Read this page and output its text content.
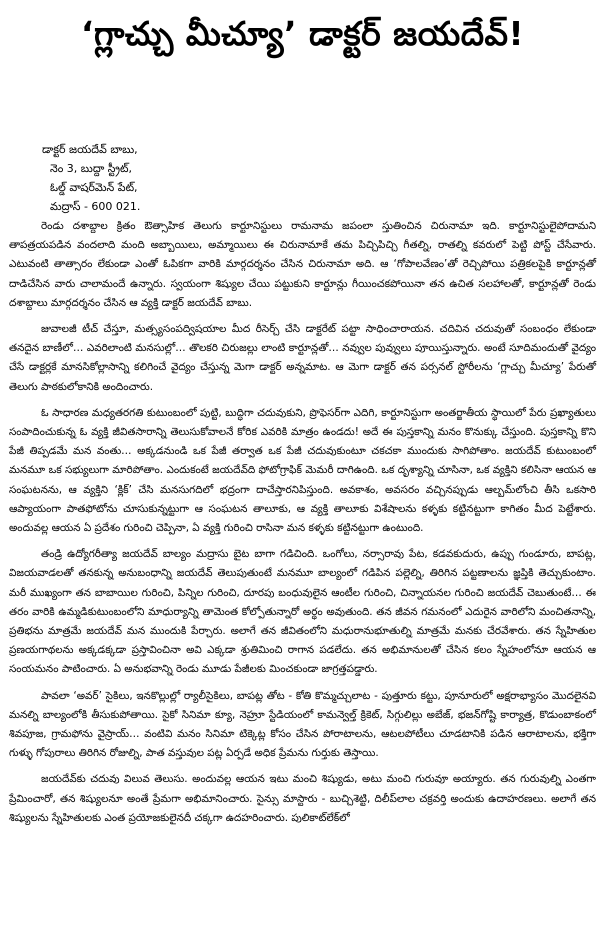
‘గ్లాచ్చు మీచ్యూ’ డాక్టర్ జయదేవ్!
డాక్టర్ జయదేవ్ బాబు,
నెం 3, బుద్దా స్ట్రీట్,
ఓల్డ్ వాషర్‌మెన్ పేట్,
మద్రాస్ - 600 021.

రెండు దశాబ్దాల క్రితం ఔత్సాహిక తెలుగు కార్టూనిస్టులు రామనామ జపంలా స్తుతించిన చిరునామా ఇది. కార్టూనిస్టులైపోదామని తాపత్రయపడిన వందలాది మంది అబ్బాయిలు, అమ్మాయిలు ఈ చిరునామాకే తమ పిచ్చిపిచ్చి గీతల్ని, రాతల్ని కవరులో పెట్టి పోస్ట్ చేసేవారు. ఎటువంటి తాత్సారం లేకుండా ఎంతో ఓపికగా వారికి మార్గదర్శనం చేసిన చిరునామా అది. ఆ ‘గోపాలవేణం’తో రెచ్చిపోయి పత్రికలపైకి కార్టూన్లతో దాడిచేసిన వారు చాలామందే ఉన్నారు. స్వయంగా శిష్యుల చేయి పట్టుకుని కార్టూన్లు గీయించకపోయినా తన ఉచిత సలహాలతో, కార్టూన్లతో రెండు దశాబ్దాలు మార్గదర్శనం చేసిన ఆ వ్యక్తి డాక్టర్ జయదేవ్ బాబు.

జువాలజీ టీచ్ చేస్తూ, మత్స్యసంపద్విషయాల మీద రీసెర్చ్ చేసి డాక్టరేట్ పట్టా సాధించారాయన. చదివిన చదువుతో సంబంధం లేకుండా తనదైన బాణీలో… ఎవరిలాంటి మనసుల్లో… తొలకరి చిరుజల్లు లాంటి కార్టూన్లతో… నవ్వుల పువ్వులు పూయిస్తున్నారు. అంటే సూదిమందుతో వైద్యం చేసే డాక్టర్లకే మానసికోల్లాసాన్ని కలిగించే వైద్యం చేస్తున్న మెగా డాక్టర్ అన్నమాట. ఆ మెగా డాక్టర్ తన పర్సనల్ స్టోరీలను ‘గ్లాచ్చు మీచ్యూ’ పేరుతో తెలుగు పాఠకులోకానికి అందించారు.

ఓ సాధారణ మధ్యతరగతి కుటుంబంలో పుట్టి, బుద్ధిగా చదువుకుని, ప్రొఫెసర్‌గా ఎదిగి, కార్టూనిస్టుగా అంతర్జాతీయ స్థాయిలో పేరు ప్రఖ్యాతులు సంపాదించుకున్న ఓ వ్యక్తి జీవితసారాన్ని తెలుసుకోవాలనే కోరిక ఎవరికి మాత్రం ఉండదు! అదే ఈ పుస్తకాన్ని మనం కొనుక్కు చేస్తుంది. పుస్తకాన్ని కొని పేజీ తిప్పడమే మన వంతు… అక్కడనుండి ఒక పేజీ తర్వాత ఒక పేజీ చదువుకుంటూ చకచకా ముందుకు సాగిపోతాం. జయదేవ్ కుటుంబంలో మనమూ ఒక సభ్యులుగా మారిపోతాం. ఎందుకంటే జయదేవ్‌ది ఫోటోగ్రాఫిక్ మెమరీ దాగిఉంది. ఒక దృశ్యాన్ని చూసినా, ఒక వ్యక్తిని కలిసినా ఆయన ఆ సంఘటనను, ఆ వ్యక్తిని ‘క్లిక్’ చేసి మనసుగదిలో భద్రంగా దాచేస్తారనిపిస్తుంది. అవకాశం, అవసరం వచ్చినప్పుడు ఆల్బమ్‌లోంచి తీసి ఒకసారి ఆప్యాయంగా పాతఫోటోను చూసుకున్నట్టుగా ఆ సంఘటన తాలూకు, ఆ వ్యక్తి తాలూకు విశేషాలను కళ్ళకు కట్టినట్టుగా కాగితం మీద పెట్టేశారు. అందువల్ల ఆయన ఏ ప్రదేశం గురించి చెప్పినా, ఏ వ్యక్తి గురించి రాసినా మన కళ్ళకు కట్టినట్టుగా ఉంటుంది.

తండ్రి ఉద్యోగరీత్యా జయదేవ్ బాల్యం మద్రాసు బైట బాగా గడిచింది. ఒంగోలు, నర్సారావు పేట, కడవకుదురు, ఉప్పు గుండూరు, బాపట్ల, విజయవాడలతో తనకున్న అనుబంధాన్ని జయదేవ్ తెలుపుతుంటే మనమూ బాల్యంలో గడిపిన పల్లెల్ని, తిరిగిన పట్టణాలను జ్ఞప్తికి తెచ్చుకుంటాం. మరీ ముఖ్యంగా తన బాబాయిల గురించి, పిన్నిల గురించి, దూరపు బంధువులైన ఆంటీల గురించి, చిన్నాయనల గురించి జయదేవ్ చెబుతుంటే… ఈ తరం వారికి ఉమ్మడికుటుంబంలోని మాధుర్యాన్ని తామెంత కోల్పోతున్నారో అర్థం అవుతుంది. తన జీవన గమనంలో ఎదురైన వారిలోని మంచితనాన్ని, ప్రతిభను మాత్రమే జయదేవ్ మన ముందుకి పేర్చారు. అలాగే తన జీవితంలోని మధురానుభూతుల్ని మాత్రమే మనకు చేరవేశారు. తన స్నేహితుల ప్రణయగాథలను అక్కడక్కడా ప్రస్తావించినా అవి ఎక్కడా శ్రుతిమించి రాగాన పడలేదు. తన అభిమానులతో చేసిన కలం స్నేహంలోనూ ఆయన ఆ సంయమనం పాటించారు. ఏ అనుభవాన్ని రెండు మూడు పేజీలకు మించకుండా జాగ్రత్తపడ్డారు.

పావలా ‘అవర్’ సైకిలు, ఇనకొల్లుల్లో ర్యాలీసైకిలు, బాపట్ల తోట - కోతి కొమ్మచ్చులాట - పుత్తూరు కట్టు, పూనూరులో అక్షరాభ్యాసం మొదలైనవి మనల్ని బాల్యంలోకి తీసుకుపోతాయి. సైకో సినిమా క్యూ, నెహ్రూ స్టేడియంలో కామన్వెల్త్ క్రికెట్, సిగ్గులిల్లు అబేజ్, భజన్‌గోష్టి కార్యాత్ర, కొడుంబాకంలో శివపూజ, గ్రామఫోను వైస్రాయ్… వంటివి మనం సినిమా టిక్కెట్ల కోసం చేసిన పోరాటాలను, ఆటలపోటీలు చూడటానికి పడిన ఆరాటాలను, భక్తిగా గుళ్ళు గోపురాలు తిరిగిన రోజుల్ని, పాత వస్తువుల పట్ల ఏర్పడే అధిక ప్రేమను గుర్తుకు తెస్తాయి.

జయదేవ్‌కు చదువు విలువ తెలుసు. అందువల్ల ఆయన ఇటు మంచి శిష్యుడు, అటు మంచి గురువూ అయ్యారు. తన గురువుల్ని ఎంతగా ప్రేమించారో, తన శిష్యులనూ అంతే ప్రేమగా అభిమానించారు. సైన్సు మాస్టారు - బుచ్చిశెట్టి, దిలీప్‌లాల చక్రవర్తి అందుకు ఉదాహరణలు. అలాగే తన శిష్యులను స్నేహితులకు ఎంత ప్రయోజకులైనదీ చక్కగా ఉదహరించారు. పులికాట్‌లేక్‌లో
